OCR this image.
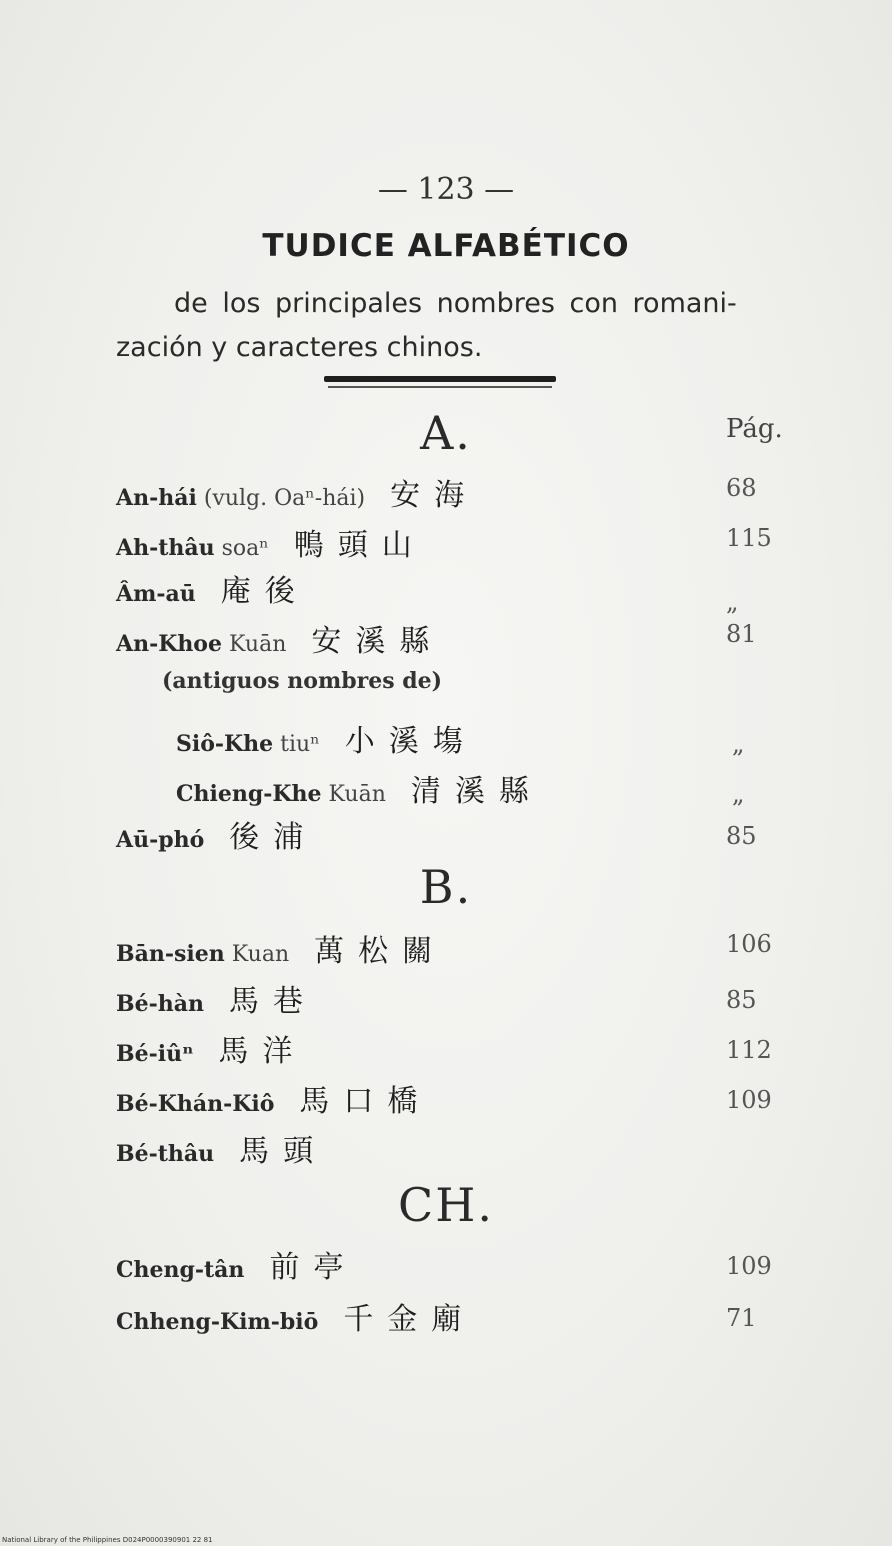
— 123 —
TUDICE ALFABÉTICO
de los principales nombres con romani-
zación y caracteres chinos.
A.	Pág.
An-hái (vulg. Oaⁿ-hái) 安海	68
Ah-thâu soaⁿ 鴨頭山	115
Âm-aū 庵後	„
An-Khoe Kuān 安溪縣	81
(antiguos nombres de)
Siô-Khe tiuⁿ 小溪塲	„
Chieng-Khe Kuān 清溪縣	„
Aū-phó 後浦	85
B.
Bān-sien Kuan 萬松關	106
Bé-hàn 馬巷	85
Bé-iûⁿ 馬洋	112
Bé-Khán-Kiô 馬口橋	109
Bé-thâu 馬頭
CH.
Cheng-tân 前亭	109
Chheng-Kim-biō 千金廟	71
National Library of the Philippines D024P0000390901 22 81
